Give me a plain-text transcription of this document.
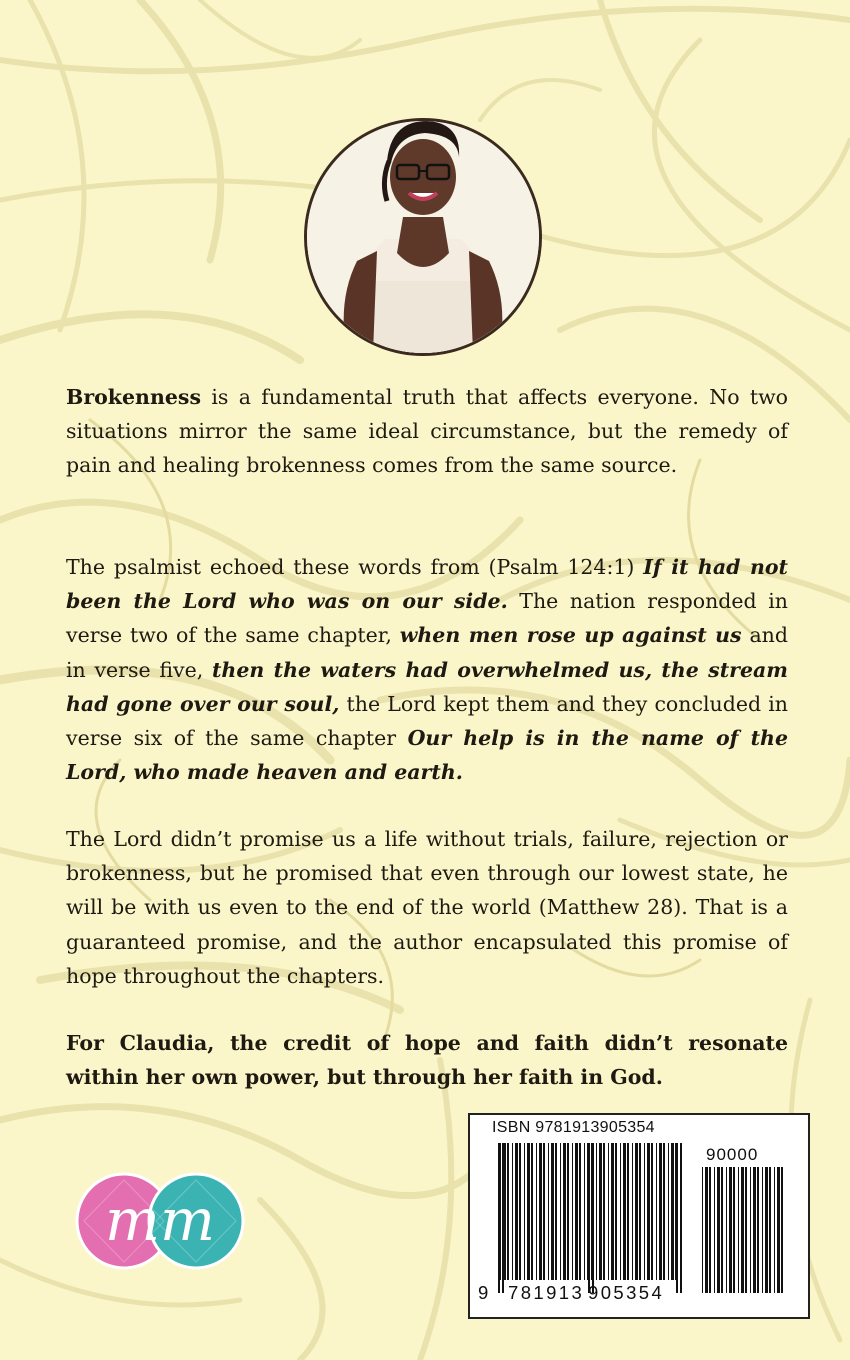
Brokenness is a fundamental truth that affects everyone. No two situations mirror the same ideal circumstance, but the remedy of pain and healing brokenness comes from the same source.
The psalmist echoed these words from (Psalm 124:1) If it had not been the Lord who was on our side. The nation responded in verse two of the same chapter, when men rose up against us and in verse five, then the waters had overwhelmed us, the stream had gone over our soul, the Lord kept them and they concluded in verse six of the same chapter Our help is in the name of the Lord, who made heaven and earth.
The Lord didn’t promise us a life without trials, failure, rejection or brokenness, but he promised that even through our lowest state, he will be with us even to the end of the world (Matthew 28). That is a guaranteed promise, and the author encapsulated this promise of hope throughout the chapters.
For Claudia, the credit of hope and faith didn’t resonate within her own power, but through her faith in God.
mm
ISBN 9781913905354
90000
9 781913 905354
